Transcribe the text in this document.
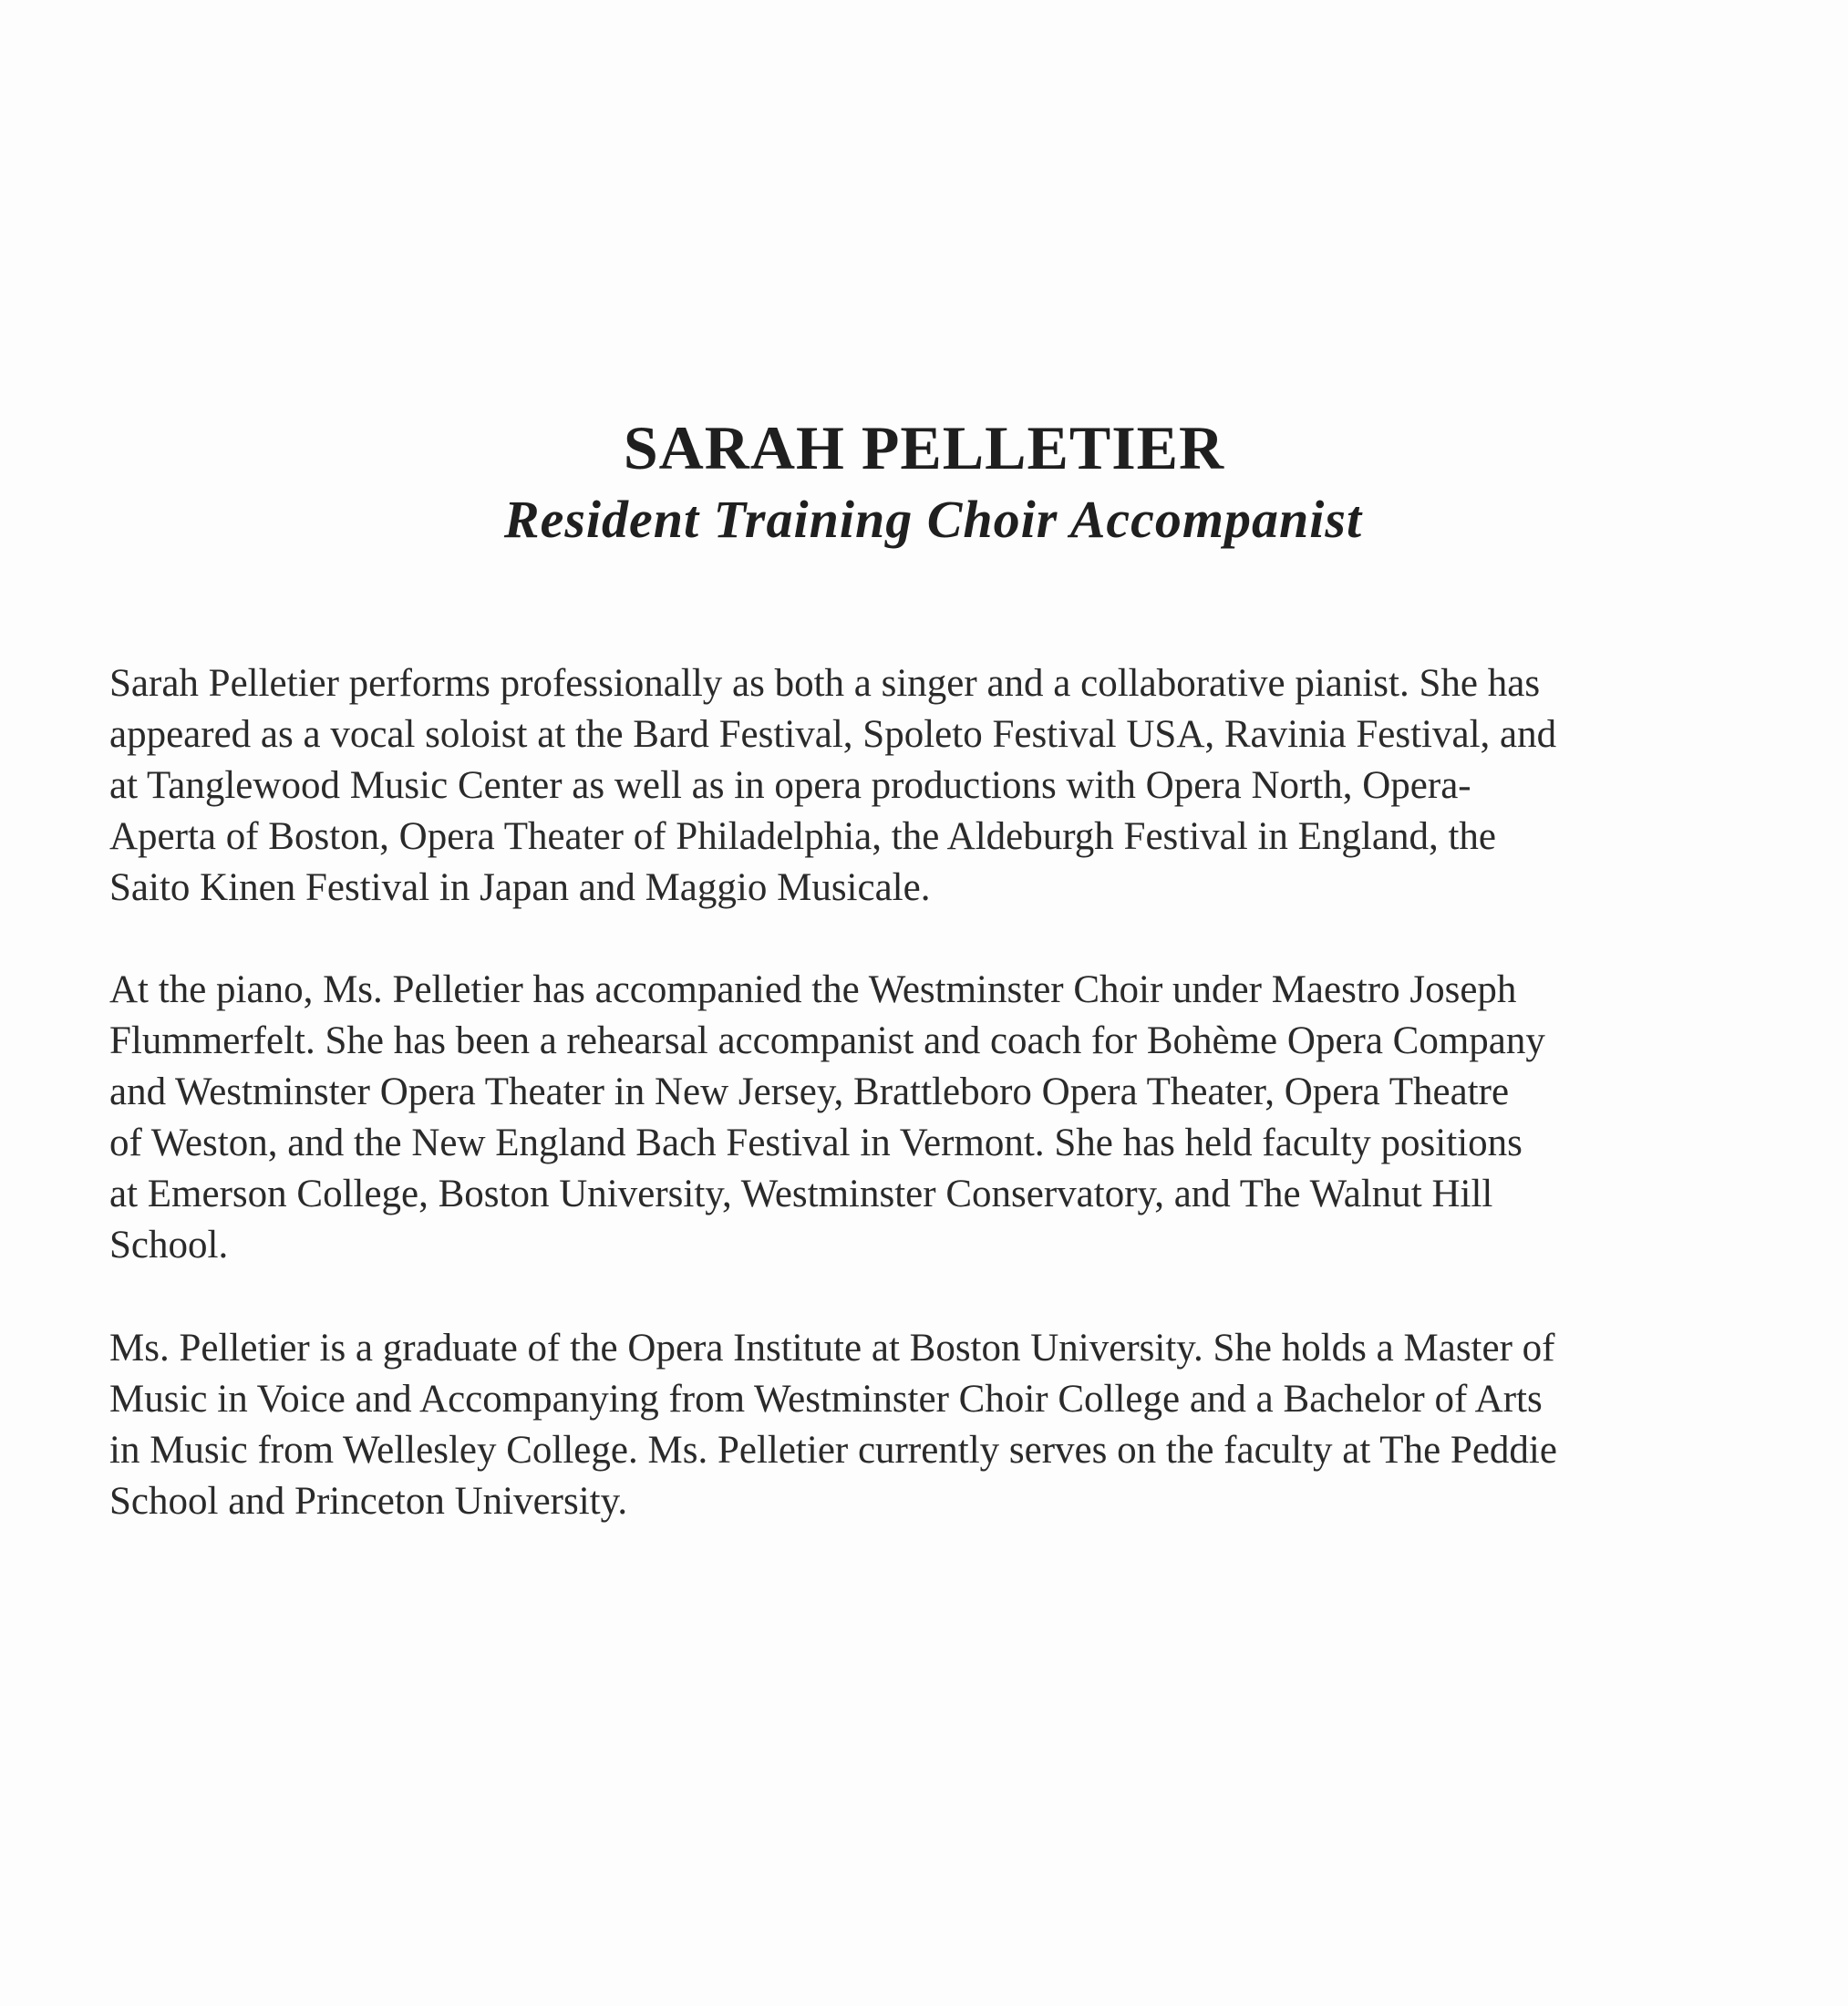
SARAH PELLETIER
Resident Training Choir Accompanist

Sarah Pelletier performs professionally as both a singer and a collaborative pianist. She has
appeared as a vocal soloist at the Bard Festival, Spoleto Festival USA, Ravinia Festival, and
at Tanglewood Music Center as well as in opera productions with Opera North, Opera-
Aperta of Boston, Opera Theater of Philadelphia, the Aldeburgh Festival in England, the
Saito Kinen Festival in Japan and Maggio Musicale.

At the piano, Ms. Pelletier has accompanied the Westminster Choir under Maestro Joseph
Flummerfelt. She has been a rehearsal accompanist and coach for Bohème Opera Company
and Westminster Opera Theater in New Jersey, Brattleboro Opera Theater, Opera Theatre
of Weston, and the New England Bach Festival in Vermont. She has held faculty positions
at Emerson College, Boston University, Westminster Conservatory, and The Walnut Hill
School.

Ms. Pelletier is a graduate of the Opera Institute at Boston University. She holds a Master of
Music in Voice and Accompanying from Westminster Choir College and a Bachelor of Arts
in Music from Wellesley College. Ms. Pelletier currently serves on the faculty at The Peddie
School and Princeton University.
